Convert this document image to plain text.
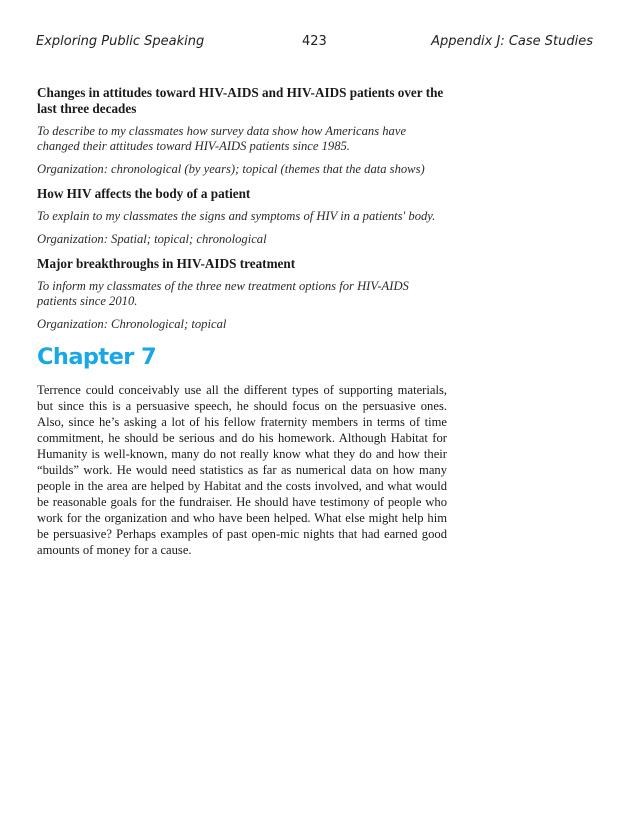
Exploring Public Speaking	423	Appendix J: Case Studies

Changes in attitudes toward HIV-AIDS and HIV-AIDS patients over the last three decades

To describe to my classmates how survey data show how Americans have changed their attitudes toward HIV-AIDS patients since 1985.

Organization: chronological (by years); topical (themes that the data shows)

How HIV affects the body of a patient

To explain to my classmates the signs and symptoms of HIV in a patients' body.

Organization: Spatial; topical; chronological

Major breakthroughs in HIV-AIDS treatment

To inform my classmates of the three new treatment options for HIV-AIDS patients since 2010.

Organization: Chronological; topical

Chapter 7

Terrence could conceivably use all the different types of supporting materials, but since this is a persuasive speech, he should focus on the persuasive ones. Also, since he’s asking a lot of his fellow fraternity members in terms of time commitment, he should be serious and do his homework. Although Habitat for Humanity is well-known, many do not really know what they do and how their “builds” work. He would need statistics as far as numerical data on how many people in the area are helped by Habitat and the costs involved, and what would be reasonable goals for the fundraiser. He should have testimony of people who work for the organization and who have been helped. What else might help him be persuasive? Perhaps examples of past open-mic nights that had earned good amounts of money for a cause.
